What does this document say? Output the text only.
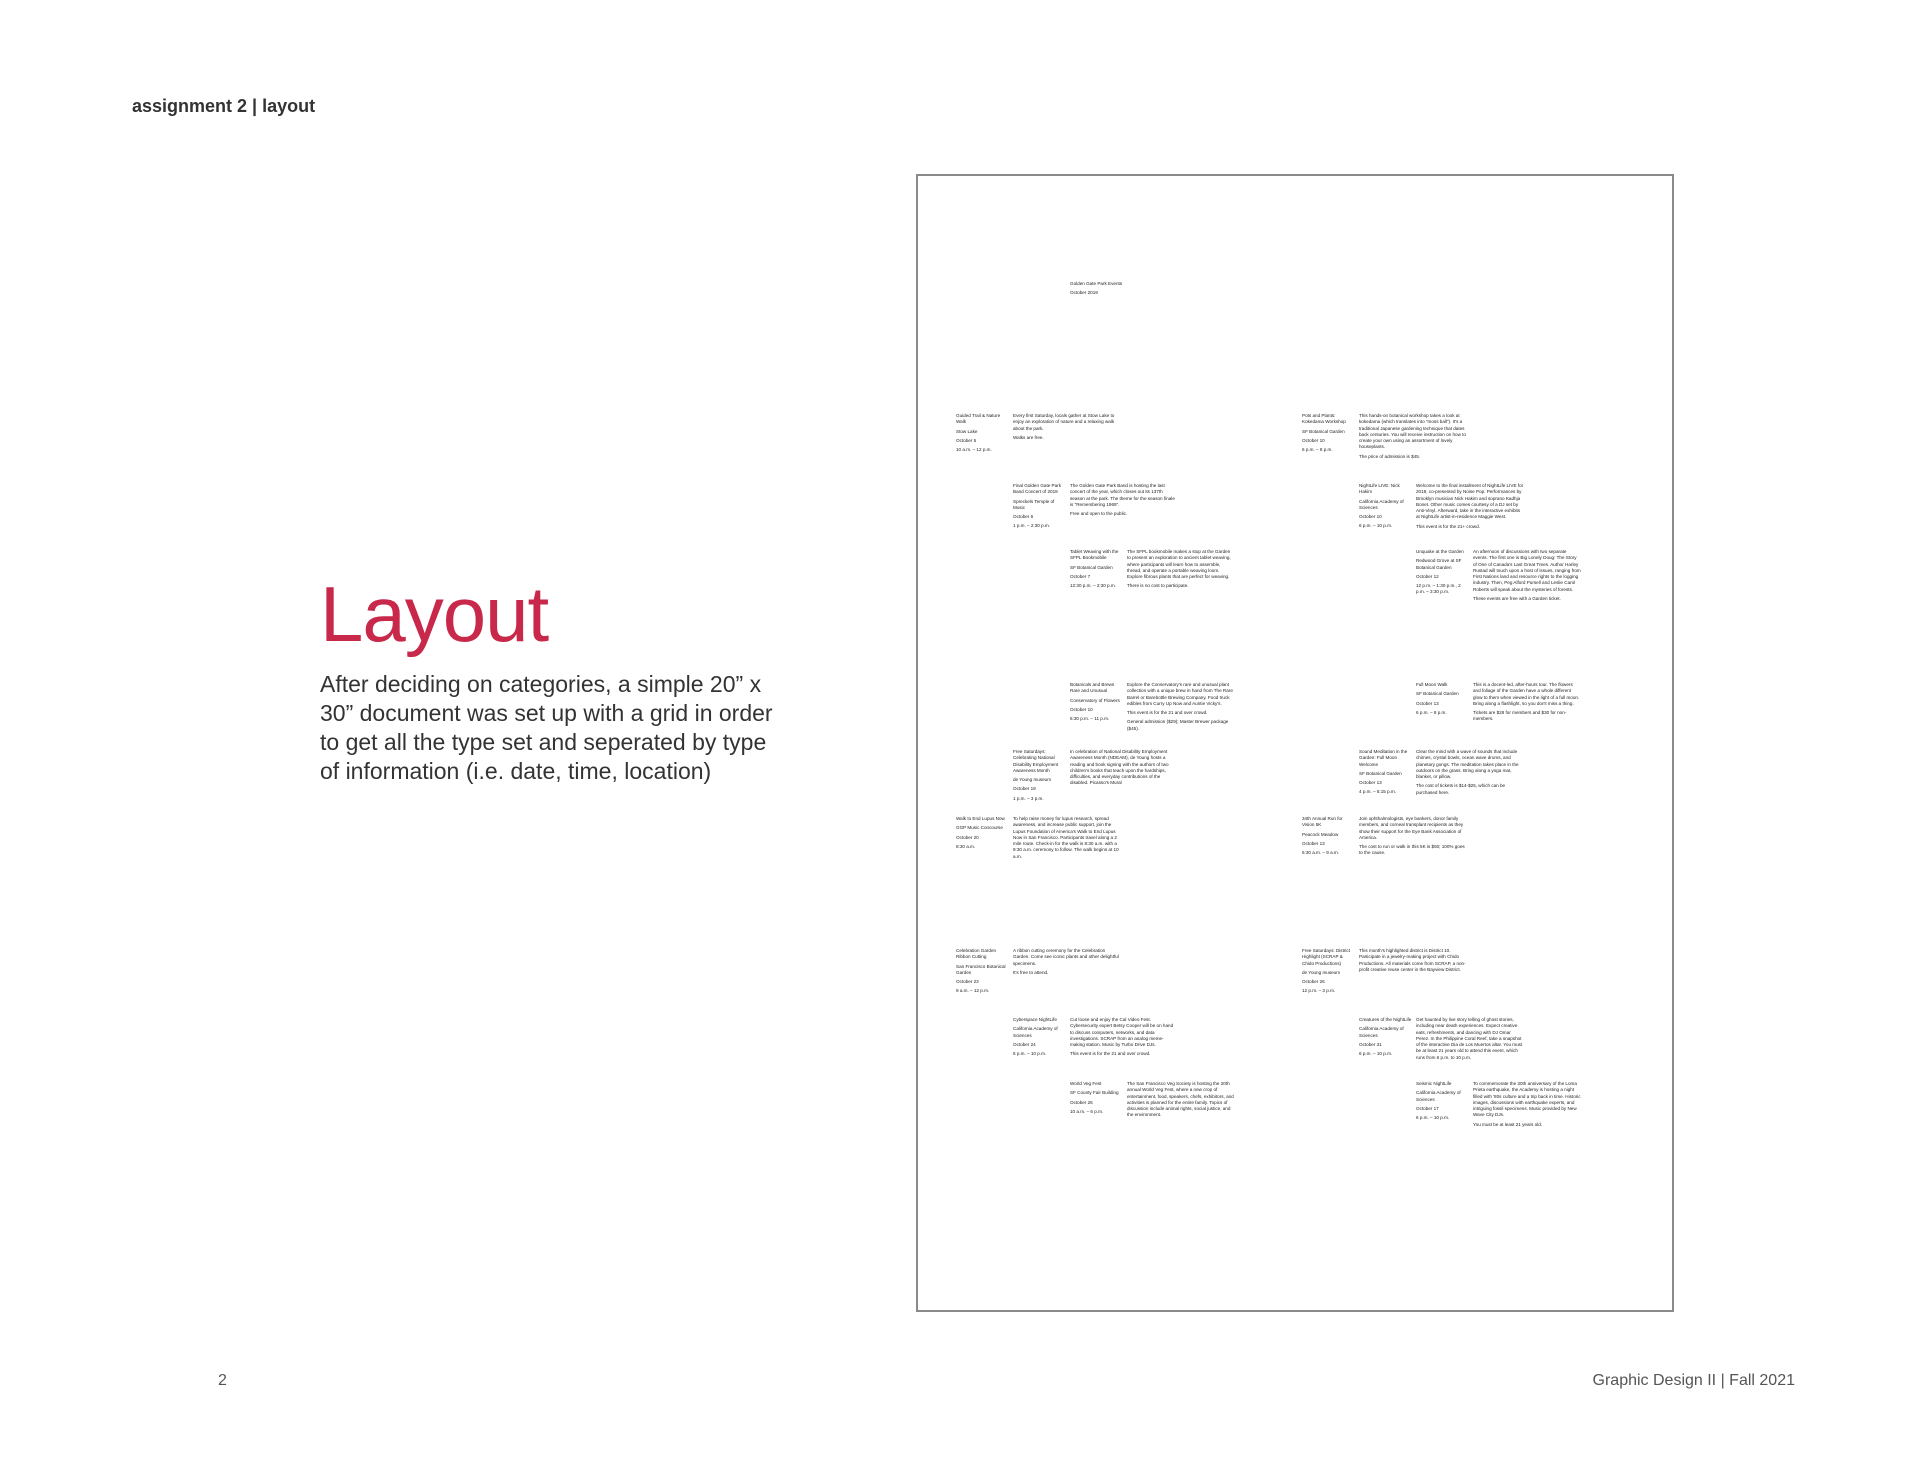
assignment 2 | layout
Layout
After deciding on categories, a simple 20” x 30” document was set up with a grid in order to get all the type set and seperated by type of information (i.e. date, time, location)

Golden Gate Park Events

October 2019

Guided Trail & Nature Walk

Stow Lake

October 5

10 a.m. – 12 p.m.

Every first Saturday, locals gather at Stow Lake to enjoy an exploration of nature and a relaxing walk about the park.

Walks are free.

Final Golden Gate Park Band Concert of 2019

Spreckels Temple of Music

October 6

1 p.m. – 2:30 p.m.

The Golden Gate Park Band is hosting the last concert of the year, which closes out its 137th season at the park. The theme for the season finale is "Remembering 1969".

Free and open to the public.

Tablet Weaving with the SFPL Bookmobile

SF Botanical Garden

October 7

12:30 p.m. – 2:30 p.m.

The SFPL bookmobile makes a stop at the Garden to present an exploration to ancient tablet weaving, where participants will learn how to assemble, thread, and operate a portable weaving loom. Explore fibrous plants that are perfect for weaving.

There is no cost to participate.

Botanicals and Brews Rare and Unusual

Conservatory of Flowers

October 10

6:30 p.m. – 11 p.m.

Explore the Conservatory's rare and unusual plant collection with a unique brew in hand from The Rare Barrel or Barebottle Brewing Company. Food truck edibles from Curry Up Now and Auntie Vicky's.

This event is for the 21 and over crowd.

General admission ($29); Master Brewer package ($45).

Free Saturdays: Celebrating National Disability Employment Awareness Month

de Young museum

October 19

1 p.m. – 3 p.m.

In celebration of National Disability Employment Awareness Month (NDEAM), de Young hosts a reading and book signing with the authors of two children's books that teach upon the hardships, difficulties, and everyday contributions of the disabled. Picasso's Mural

Walk to End Lupus Now

GGP Music Concourse

October 20

8:30 a.m.

To help raise money for lupus research, spread awareness, and increase public support, join the Lupus Foundation of America's Walk to End Lupus Now in San Francisco. Participants travel along a 2 mile route. Check-in for the walk is 8:30 a.m. with a 9:30 a.m. ceremony to follow. The walk begins at 10 a.m.

Celebration Garden Ribbon Cutting

San Francisco Botanical Garden

October 23

9 a.m. – 12 p.m.

A ribbon cutting ceremony for the Celebration Garden. Come see iconic plants and other delightful specimens.

It's free to attend.

Cyberspace NightLife

California Academy of Sciences

October 24

6 p.m. – 10 p.m.

Cut loose and enjoy the Cal Video Fest. Cybersecurity expert Betsy Cooper will be on hand to discuss computers, networks, and data investigations. SCRAP from an analog meme-making station. Music by Turbo Drive DJs.

This event is for the 21 and over crowd.

World Veg Fest

SF County Fair Building

October 26

10 a.m. – 6 p.m.

The San Francisco Veg Society is hosting the 20th annual World Veg Fest, where a new crop of entertainment, food, speakers, chefs, exhibitors, and activities is planned for the entire family. Topics of discussion include animal rights, social justice, and the environment.

Pots and Plants: Kokedama Workshop

SF Botanical Garden

October 10

6 p.m. – 8 p.m.

This hands-on botanical workshop takes a look at kokedama (which translates into "moss ball"). It's a traditional Japanese gardening technique that dates back centuries. You will receive instruction on how to create your own using an assortment of lovely houseplants.

The price of admission is $45.

NightLife LIVE: Nick Hakim

California Academy of Sciences

October 10

6 p.m. – 10 p.m.

Welcome to the final installment of NightLife LIVE for 2019, co-presented by Noise Pop. Performances by Brooklyn musician Nick Hakim and soprano Kadhja Bonet. Other music comes courtesy of a DJ set by Anti-Vinyl. Afterward, take in the interactive exhibits at NightLife artist-in-residence Maggie West.

This event is for the 21+ crowd.

Unquake at the Garden

Redwood Grove at SF Botanical Garden

October 12

12 p.m. – 1:30 p.m., 2 p.m. – 3:30 p.m.

An afternoon of discussions with two separate events. The first one is Big Lonely Doug: The Story of One of Canada's Last Great Trees. Author Harley Rustad will touch upon a host of issues, ranging from First Nations land and resource rights to the logging industry. Then, Peg Alford Pursell and Leslie Carol Roberts will speak about the mysteries of forests.

These events are free with a Garden ticket.

Full Moon Walk

SF Botanical Garden

October 13

6 p.m. – 8 p.m.

This is a docent-led, after-hours tour. The flowers and foliage of the Garden have a whole different glow to them when viewed in the light of a full moon. Bring along a flashlight, so you don't miss a thing.

Tickets are $28 for members and $30 for non-members.

Sound Meditation in the Garden: Full Moon Welcome

SF Botanical Garden

October 13

4 p.m. – 5:15 p.m.

Clear the mind with a wave of sounds that include chimes, crystal bowls, ocean wave drums, and planetary gongs. The meditation takes place in the outdoors on the grass. Bring along a yoga mat, blanket, or pillow.

The cost of tickets is $14-$25, which can be purchased here.

34th Annual Run for Vision 5K

Peacock Meadow

October 13

6:30 a.m. – 9 a.m.

Join ophthalmologists, eye bankers, donor family members, and corneal transplant recipients as they show their support for the Eye Bank Association of America.

The cost to run or walk in this 5K is $50; 100% goes to the cause.

Free Saturdays: District Highlight (SCRAP & Chido Productions)

de Young museum

October 26

12 p.m. – 3 p.m.

This month's highlighted district is District 10. Participate in a jewelry-making project with Chido Productions. All materials come from SCRAP, a non-profit creative reuse center in the Bayview District.

Creatures of the NightLife

California Academy of Sciences

October 31

6 p.m. – 10 p.m.

Get haunted by live story telling of ghost stories, including near death experiences. Expect creative eats, refreshments, and dancing with DJ Omar Perez. In the Philippine Coral Reef, take a snapshot of the interactive Dia de Los Muertos altar. You must be at least 21 years old to attend this event, which runs from 6 p.m. to 10 p.m.

Seismic NightLife

California Academy of Sciences

October 17

6 p.m. – 10 p.m.

To commemorate the 30th anniversary of the Loma Prieta earthquake, the Academy is hosting a night filled with '80s culture and a trip back in time. Historic images, discussions with earthquake experts, and intriguing fossil specimens. Music provided by New Wave City DJs.

You must be at least 21 years old.

2	Graphic Design II | Fall 2021
